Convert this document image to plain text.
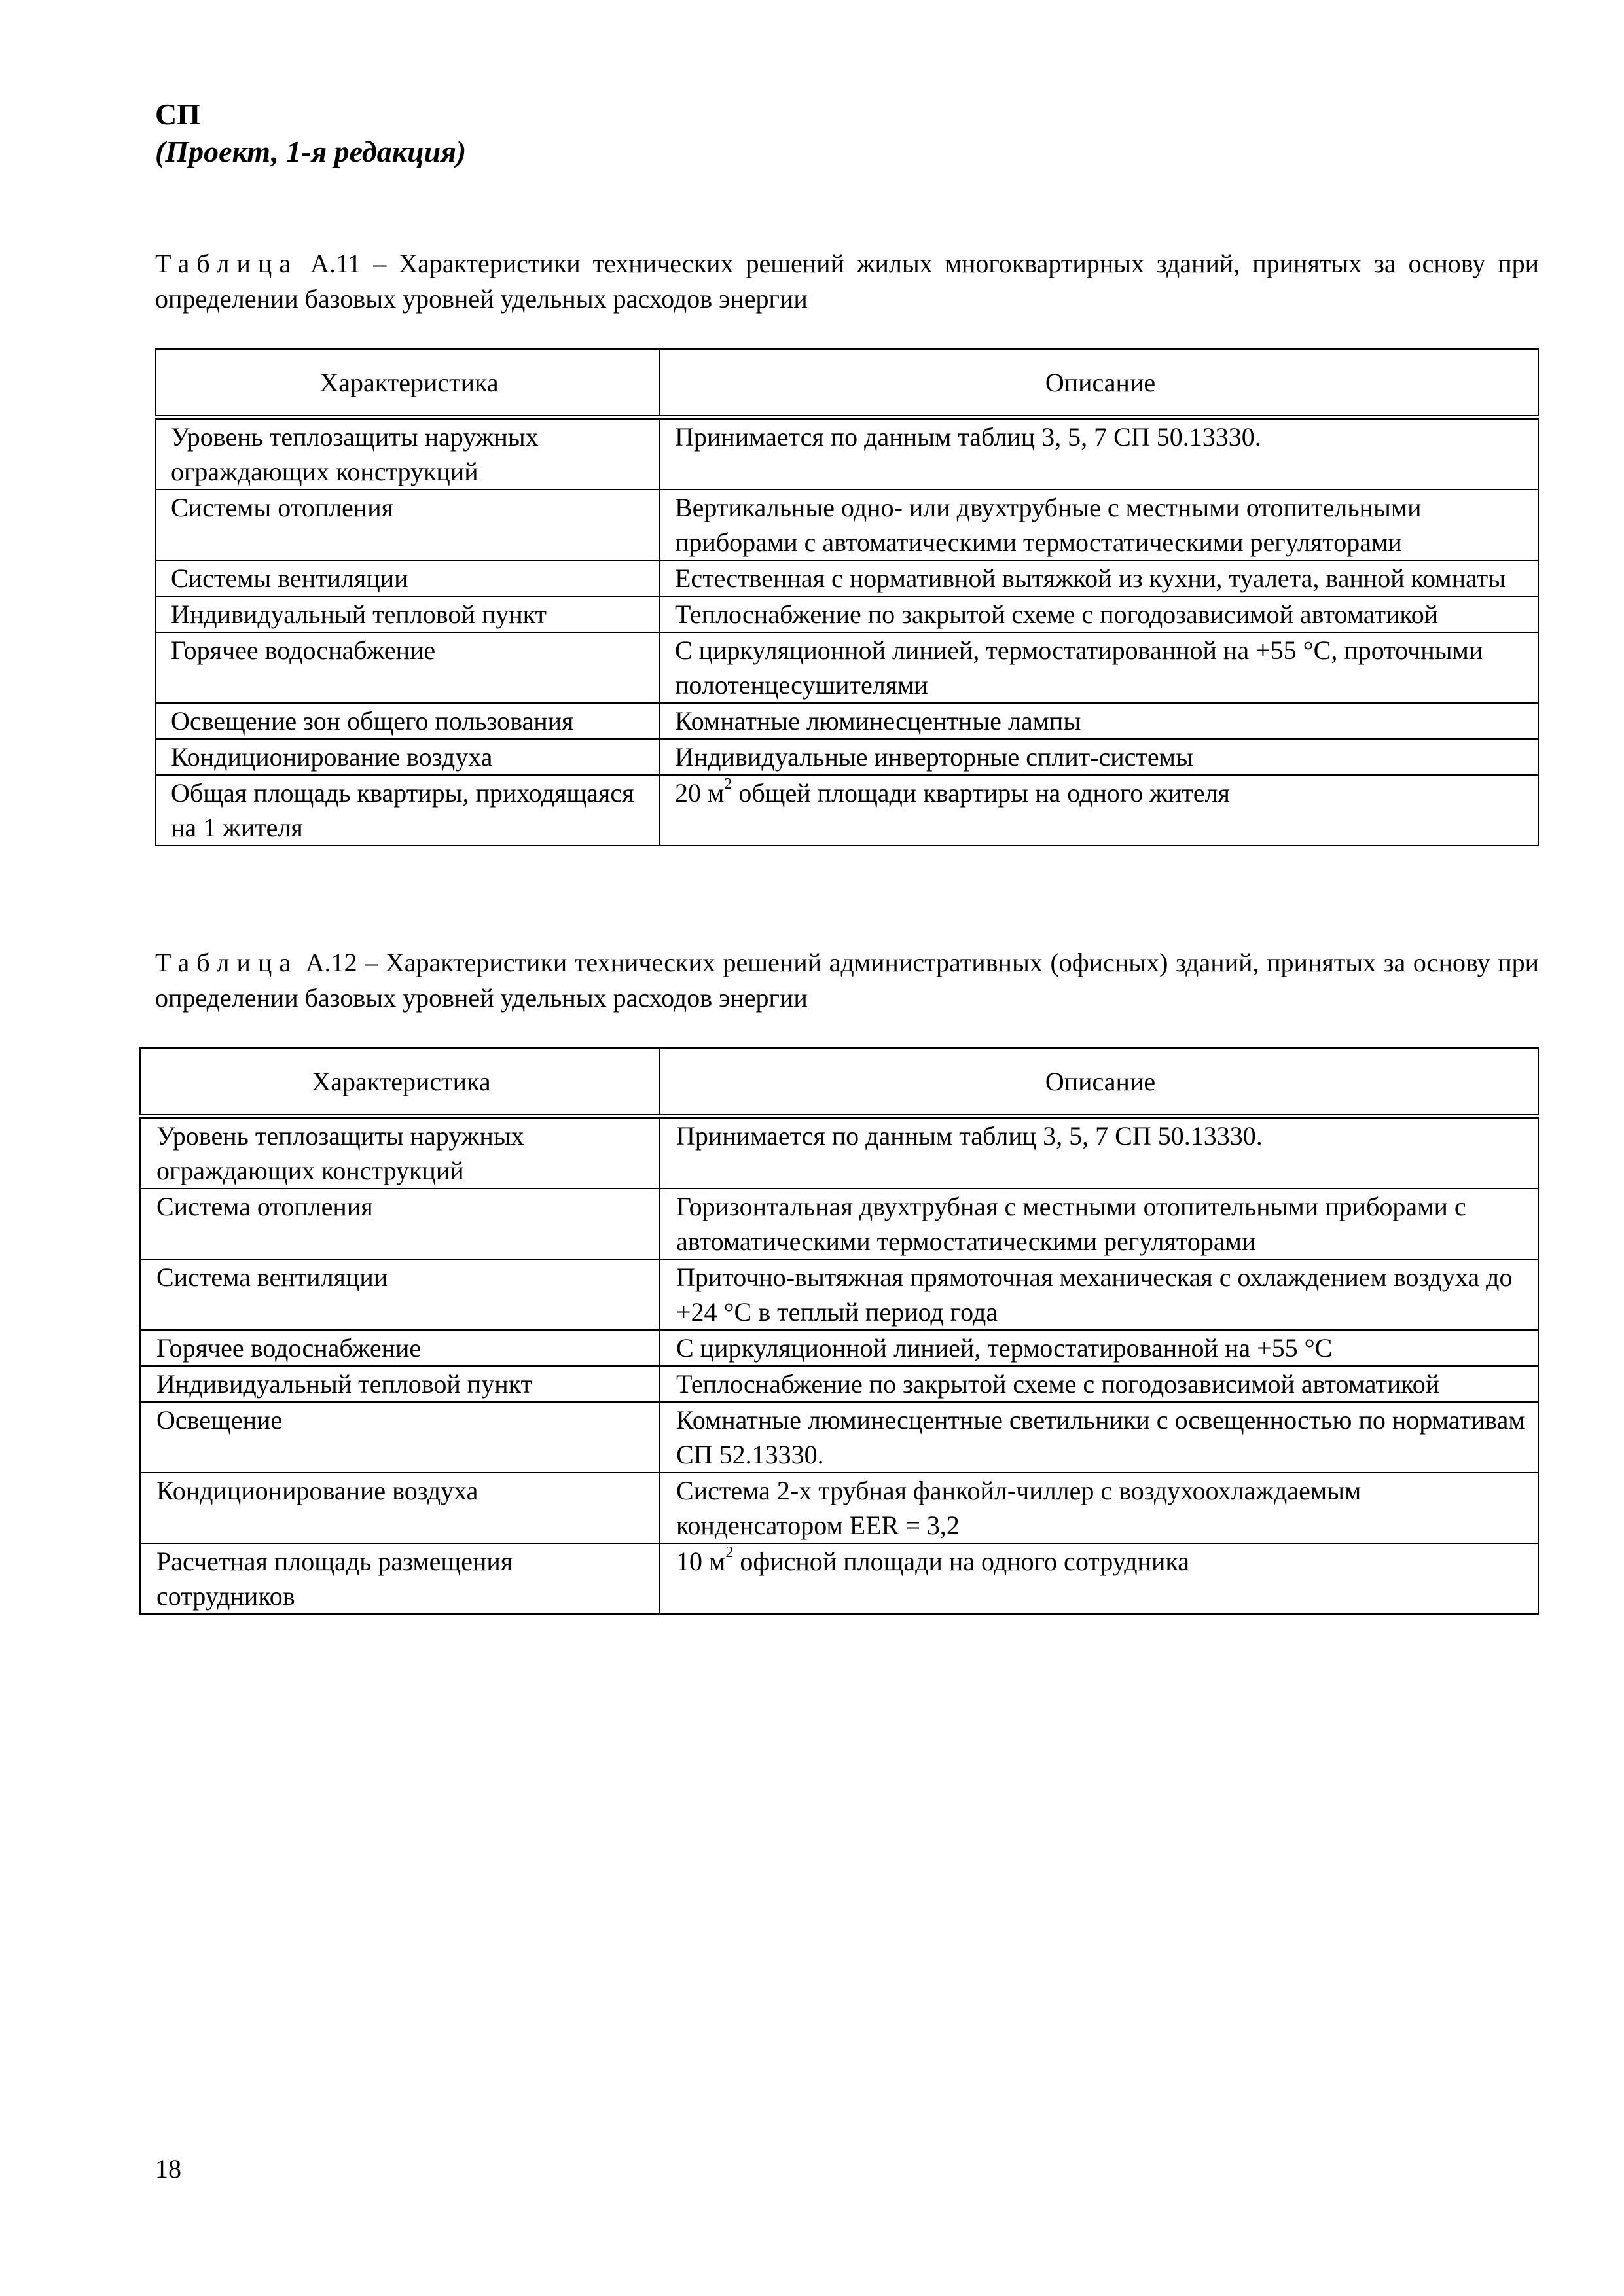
СП
(Проект, 1-я редакция)
Таблица А.11 – Характеристики технических решений жилых многоквартирных зданий, принятых за основу при определении базовых уровней удельных расходов энергии
Характеристика	Описание
Уровень теплозащиты наружных ограждающих конструкций	Принимается по данным таблиц 3, 5, 7 СП 50.13330.
Системы отопления	Вертикальные одно- или двухтрубные с местными отопительными приборами с автоматическими термостатическими регуляторами
Системы вентиляции	Естественная с нормативной вытяжкой из кухни, туалета, ванной комнаты
Индивидуальный тепловой пункт	Теплоснабжение по закрытой схеме с погодозависимой автоматикой
Горячее водоснабжение	С циркуляционной линией, термостатированной на +55 °С, проточными полотенцесушителями
Освещение зон общего пользования	Комнатные люминесцентные лампы
Кондиционирование воздуха	Индивидуальные инверторные сплит-системы
Общая площадь квартиры, приходящаяся на 1 жителя	20 $м^2$ общей площади квартиры на одного жителя
Таблица А.12 – Характеристики технических решений административных (офисных) зданий, принятых за основу при определении базовых уровней удельных расходов энергии
Характеристика	Описание
Уровень теплозащиты наружных ограждающих конструкций	Принимается по данным таблиц 3, 5, 7 СП 50.13330.
Система отопления	Горизонтальная двухтрубная с местными отопительными приборами с автоматическими термостатическими регуляторами
Система вентиляции	Приточно-вытяжная прямоточная механическая с охлаждением воздуха до +24 °С в теплый период года
Горячее водоснабжение	С циркуляционной линией, термостатированной на +55 °С
Индивидуальный тепловой пункт	Теплоснабжение по закрытой схеме с погодозависимой автоматикой
Освещение	Комнатные люминесцентные светильники с освещенностью по нормативам СП 52.13330.
Кондиционирование воздуха	Система 2-х трубная фанкойл-чиллер с воздухоохлаждаемым конденсатором EER = 3,2
Расчетная площадь размещения сотрудников	10 $м^2$ офисной площади на одного сотрудника
18
